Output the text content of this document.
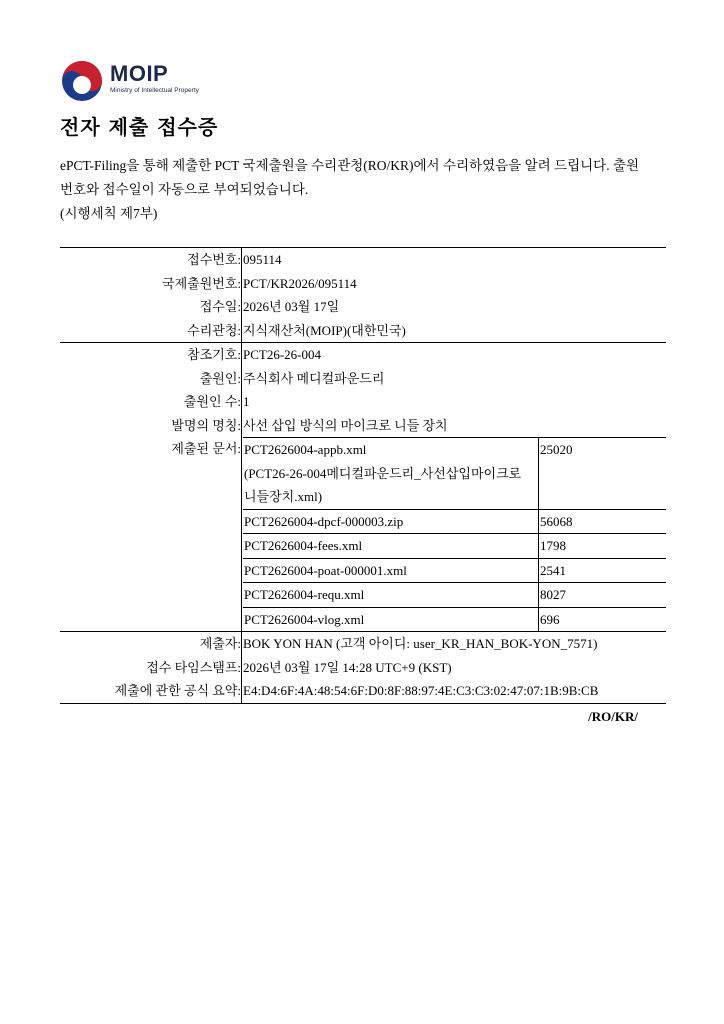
MOIP
Ministry of Intellectual Property
전자 제출 접수증

ePCT-Filing을 통해 제출한 PCT 국제출원을 수리관청(RO/KR)에서 수리하였음을 알려 드립니다. 출원

번호와 접수일이 자동으로 부여되었습니다.

(시행세칙 제7부)

접수번호:	095114
국제출원번호:	PCT/KR2026/095114
접수일:	2026년 03월 17일
수리관청:	지식재산처(MOIP)(대한민국)
참조기호:	PCT26-26-004
출원인:	주식회사 메디컬파운드리
출원인 수:	1
발명의 명칭:	사선 삽입 방식의 마이크로 니들 장치
제출된 문서:	PCT2626004-appb.xml
(PCT26-26-004메디컬파운드리_사선삽입마이크로
니들장치.xml)
	25020
PCT2626004-dpcf-000003.zip	56068
PCT2626004-fees.xml	1798
PCT2626004-poat-000001.xml	2541
PCT2626004-requ.xml	8027
PCT2626004-vlog.xml	696

제출자:	BOK YON HAN (고객 아이디: user_KR_HAN_BOK-YON_7571)
접수 타임스탬프:	2026년 03월 17일 14:28 UTC+9 (KST)
제출에 관한 공식 요약:	E4:D4:6F:4A:48:54:6F:D0:8F:88:97:4E:C3:C3:02:47:07:1B:9B:CB
/RO/KR/
